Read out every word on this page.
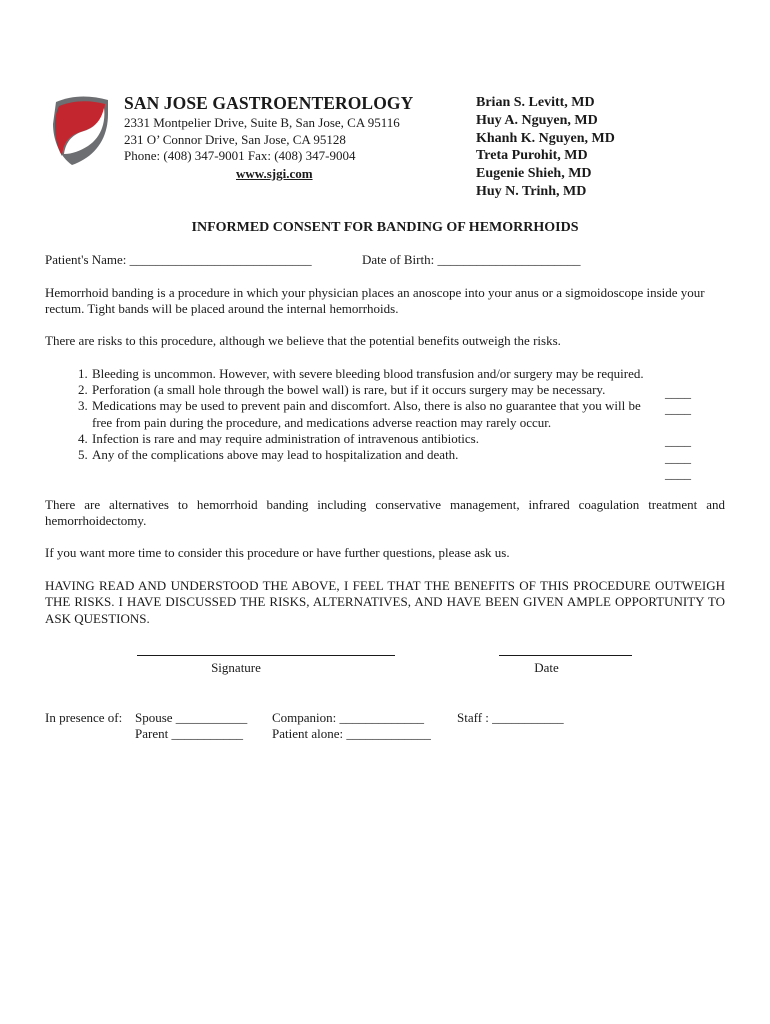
SAN JOSE GASTROENTEROLOGY
2331 Montpelier Drive, Suite B, San Jose, CA 95116
231 O’ Connor Drive, San Jose, CA 95128
Phone: (408) 347-9001 Fax: (408) 347-9004
www.sjgi.com
Brian S. Levitt, MD
Huy A. Nguyen, MD
Khanh K. Nguyen, MD
Treta Purohit, MD
Eugenie Shieh, MD
Huy N. Trinh, MD
INFORMED CONSENT FOR BANDING OF HEMORRHOIDS
Patient's Name: ____________________________	Date of Birth: ______________________
Hemorrhoid banding is a procedure in which your physician places an anoscope into your anus or a sigmoidoscope inside your rectum. Tight bands will be placed around the internal hemorrhoids.
There are risks to this procedure, although we believe that the potential benefits outweigh the risks.
1. Bleeding is uncommon. However, with severe bleeding blood transfusion and/or surgery may be required.
2. Perforation (a small hole through the bowel wall) is rare, but if it occurs surgery may be necessary.
3. Medications may be used to prevent pain and discomfort. Also, there is also no guarantee that you will be free from pain during the procedure, and medications adverse reaction may rarely occur.
4. Infection is rare and may require administration of intravenous antibiotics.
5. Any of the complications above may lead to hospitalization and death.
____
____
____
____
____
There are alternatives to hemorrhoid banding including conservative management, infrared coagulation treatment and hemorrhoidectomy.
If you want more time to consider this procedure or have further questions, please ask us.
HAVING READ AND UNDERSTOOD THE ABOVE, I FEEL THAT THE BENEFITS OF THIS PROCEDURE OUTWEIGH THE RISKS. I HAVE DISCUSSED THE RISKS, ALTERNATIVES, AND HAVE BEEN GIVEN AMPLE OPPORTUNITY TO ASK QUESTIONS.
Signature	Date
In presence of: Spouse ___________
Parent ___________
Companion: _____________
Patient alone: _____________
Staff : ___________
